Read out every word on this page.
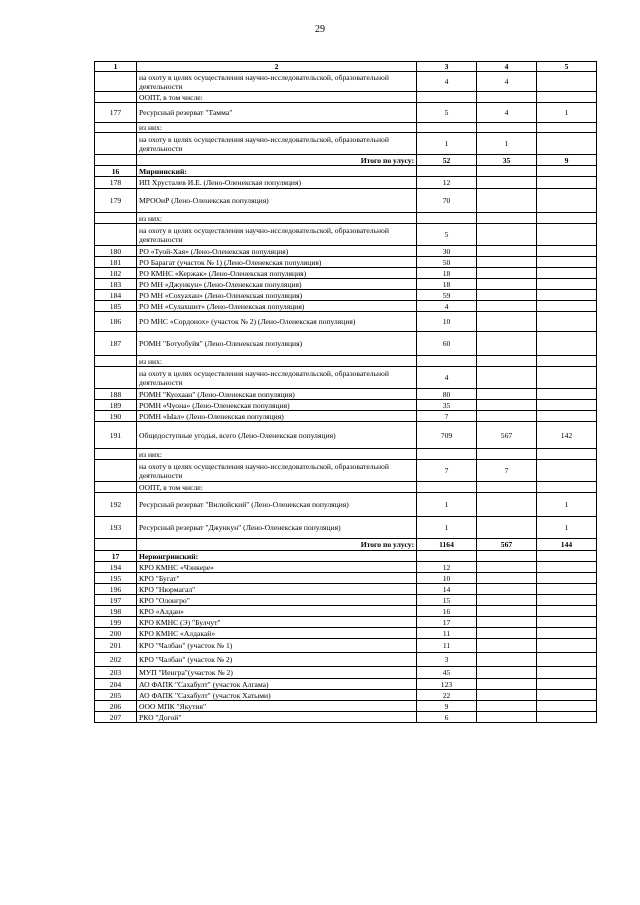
29
1	2	3	4	5
	на охоту в целях осуществления научно-исследовательской, образовательной деятельности	4	4	
	ООПТ, в том числе:			
177	Ресурсный резерват "Тамма"	5	4	1
	из них:			
	на охоту в целях осуществления научно-исследовательской, образовательной деятельности	1	1	
	Итого по улусу:	52	35	9
16	Мирнинский:			
178	ИП Хрусталев И.Е. (Лено-Оленекская популяция)	12		
179	МРООиР (Лено-Оленекская популяция)	70		
	из них:			
	на охоту в целях осуществления научно-исследовательской, образовательной деятельности	5		
180	РО «Туой-Хая» (Лено-Оленекская популяция)	30		
181	РО Барагат (участок № 1) (Лено-Оленекская популяция)	50		
182	РО КМНС «Кержак» (Лено-Оленекская популяция)	18		
183	РО МН «Джункун» (Лено-Оленекская популяция)	18		
184	РО МН «Сохуахан» (Лено-Оленекская популяция)	59		
185	РО МН «Сулахшит» (Лено-Оленекская популяция)	4		
186	РО МНС «Сордонох» (участок № 2) (Лено-Оленекская популяция)	10		
187	РОМН "Ботуобуйя" (Лено-Оленекская популяция)	60		
	из них:			
	на охоту в целях осуществления научно-исследовательской, образовательной деятельности	4		
188	РОМН "Куохаан" (Лено-Оленекская популяция)	80		
189	РОМН «Чуона» (Лено-Оленекская популяция)	35		
190	РОМН «Ыал» (Лено-Оленекская популяция)	7		
191	Общедоступные угодья, всего (Лено-Оленекская популяция)	709	567	142
	из них:			
	на охоту в целях осуществления научно-исследовательской, образовательной деятельности	7	7	
	ООПТ, в том числе:			
192	Ресурсный резерват "Вилюйский" (Лено-Оленекская популяция)	1		1
193	Ресурсный резерват "Джункун" (Лено-Оленекская популяция)	1		1
	Итого по улусу:	1164	567	144
17	Нерюнгринский:			
194	КРО КМНС «Чэнкере»	12		
195	КРО "Бугат"	10		
196	КРО "Нюрмагал"	14		
197	КРО "Олонгро"	15		
198	КРО «Алдан»	16		
199	КРО КМНС (Э) "Булчут"	17		
200	КРО КМНС «Алдакай»	11		
201	КРО "Чалбан" (участок № 1)	11		
202	КРО "Чалбан" (участок № 2)	3		
203	МУП "Иенгра"(участок № 2)	45		
204	АО ФАПК "Сахабулт" (участок Алгама)	123		
205	АО ФАПК "Сахабулт" (участок Хатыми)	22		
206	ООО МПК "Якутия"	9		
207	РКО "Догой"	6		
